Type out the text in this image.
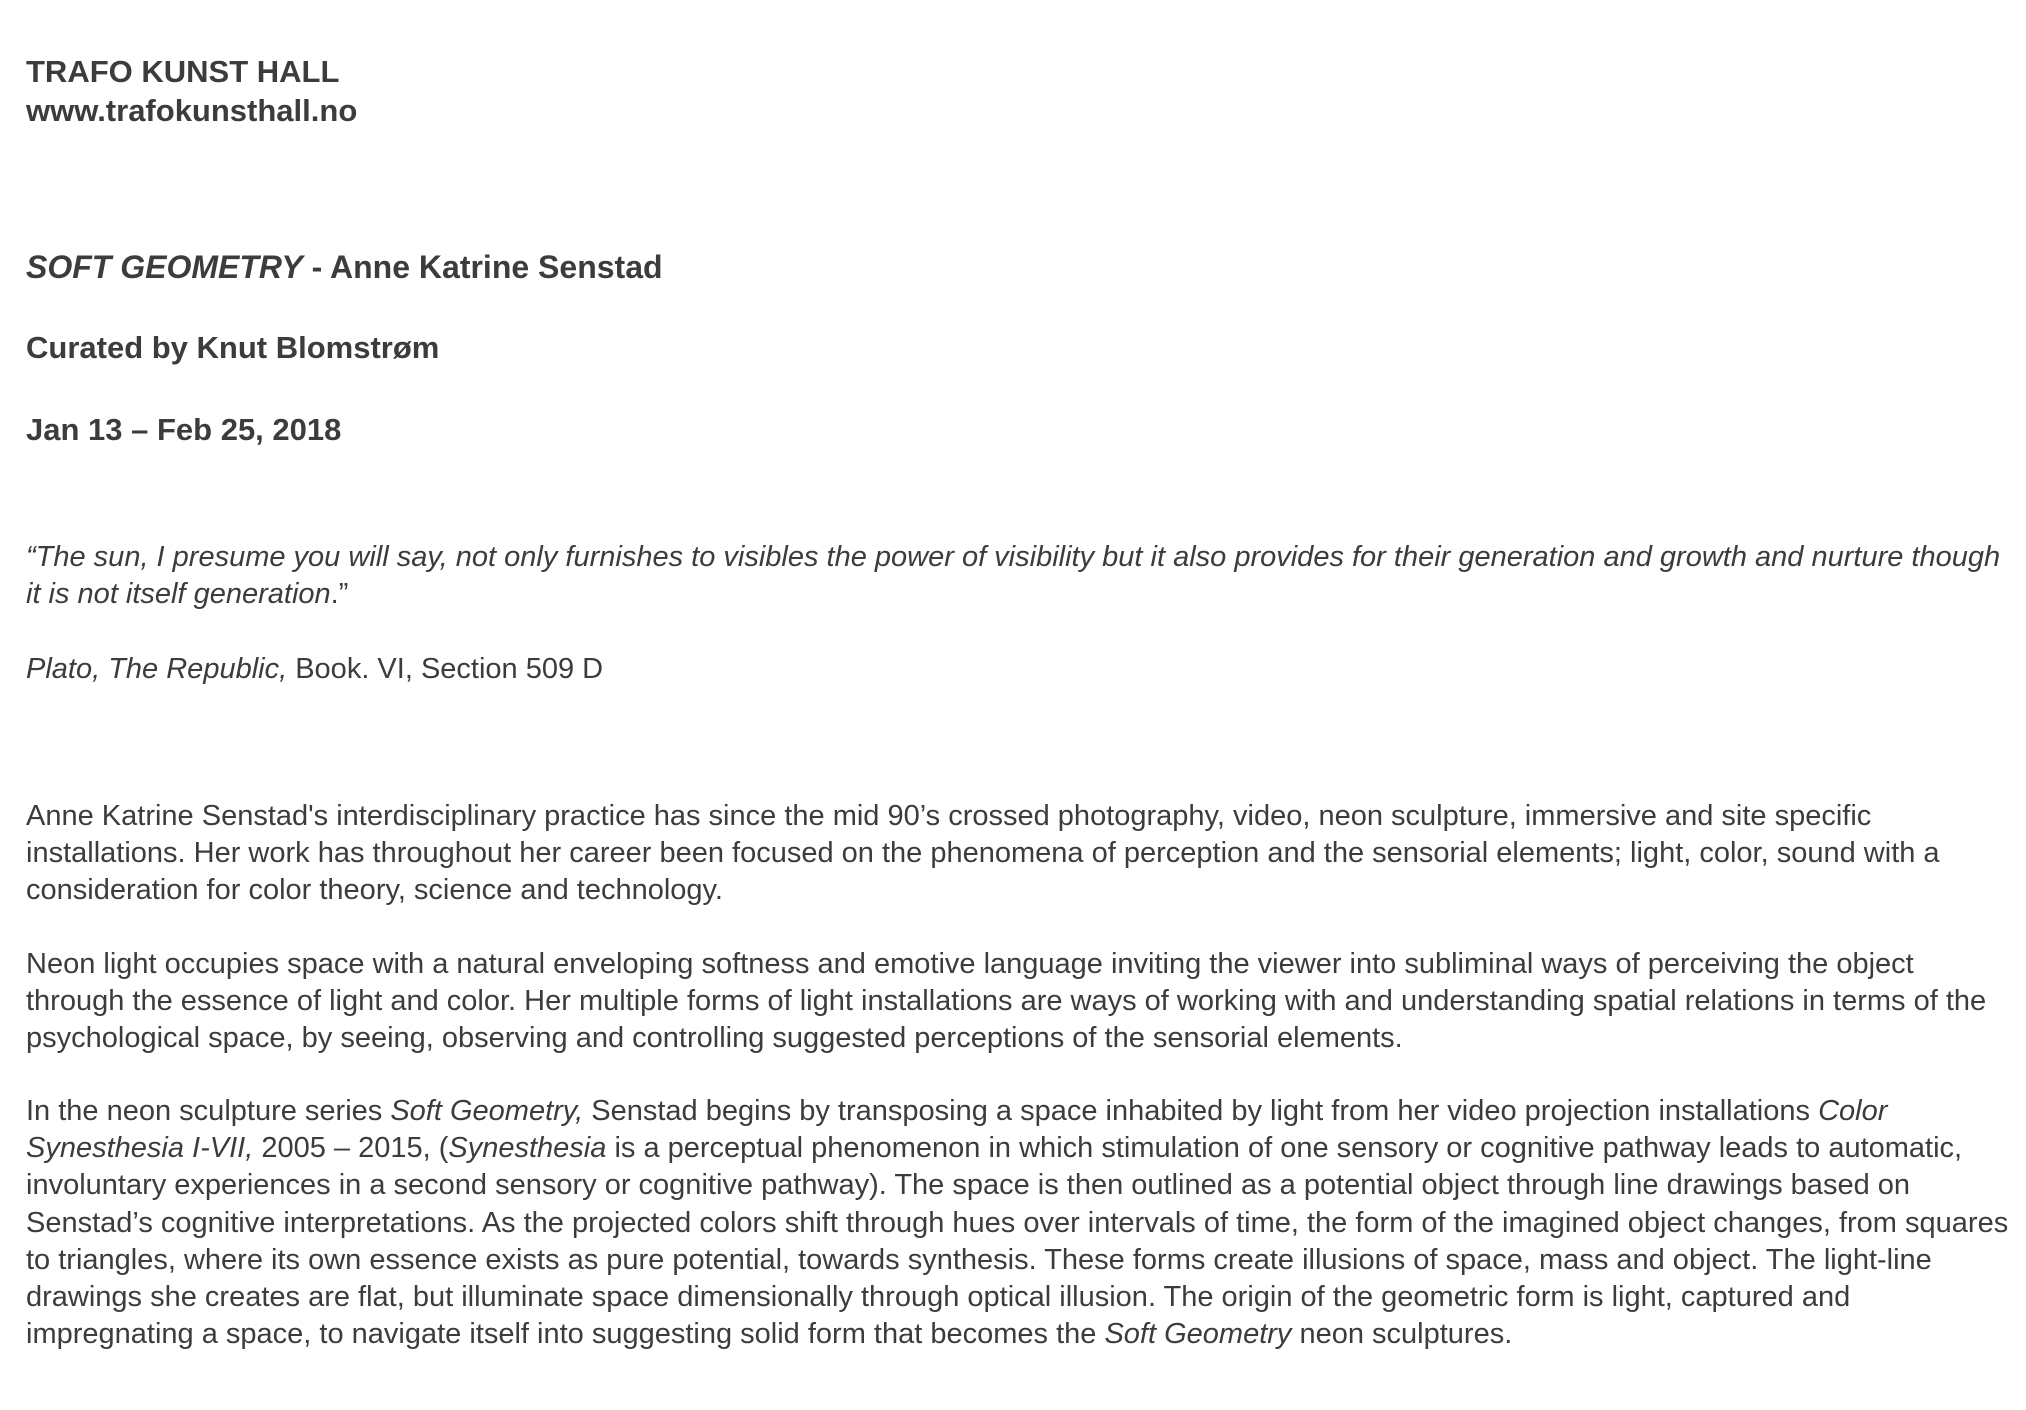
TRAFO KUNST HALL

www.trafokunsthall.no

SOFT GEOMETRY - Anne Katrine Senstad

Curated by Knut Blomstrøm

Jan 13 – Feb 25, 2018

“The sun, I presume you will say, not only furnishes to visibles the power of visibility but it also provides for their generation and growth and nurture though it is not itself generation.”

Plato, The Republic, Book. VI, Section 509 D

Anne Katrine Senstad's interdisciplinary practice has since the mid 90’s crossed photography, video, neon sculpture, immersive and site specific installations. Her work has throughout her career been focused on the phenomena of perception and the sensorial elements; light, color, sound with a consideration for color theory, science and technology.

Neon light occupies space with a natural enveloping softness and emotive language inviting the viewer into subliminal ways of perceiving the object through the essence of light and color. Her multiple forms of light installations are ways of working with and understanding spatial relations in terms of the psychological space, by seeing, observing and controlling suggested perceptions of the sensorial elements.

In the neon sculpture series Soft Geometry, Senstad begins by transposing a space inhabited by light from her video projection installations Color Synesthesia I-VII, 2005 – 2015, (Synesthesia is a perceptual phenomenon in which stimulation of one sensory or cognitive pathway leads to automatic, involuntary experiences in a second sensory or cognitive pathway). The space is then outlined as a potential object through line drawings based on Senstad’s cognitive interpretations. As the projected colors shift through hues over intervals of time, the form of the imagined object changes, from squares to triangles, where its own essence exists as pure potential, towards synthesis. These forms create illusions of space, mass and object. The light-line drawings she creates are flat, but illuminate space dimensionally through optical illusion. The origin of the geometric form is light, captured and impregnating a space, to navigate itself into suggesting solid form that becomes the Soft Geometry neon sculptures.
